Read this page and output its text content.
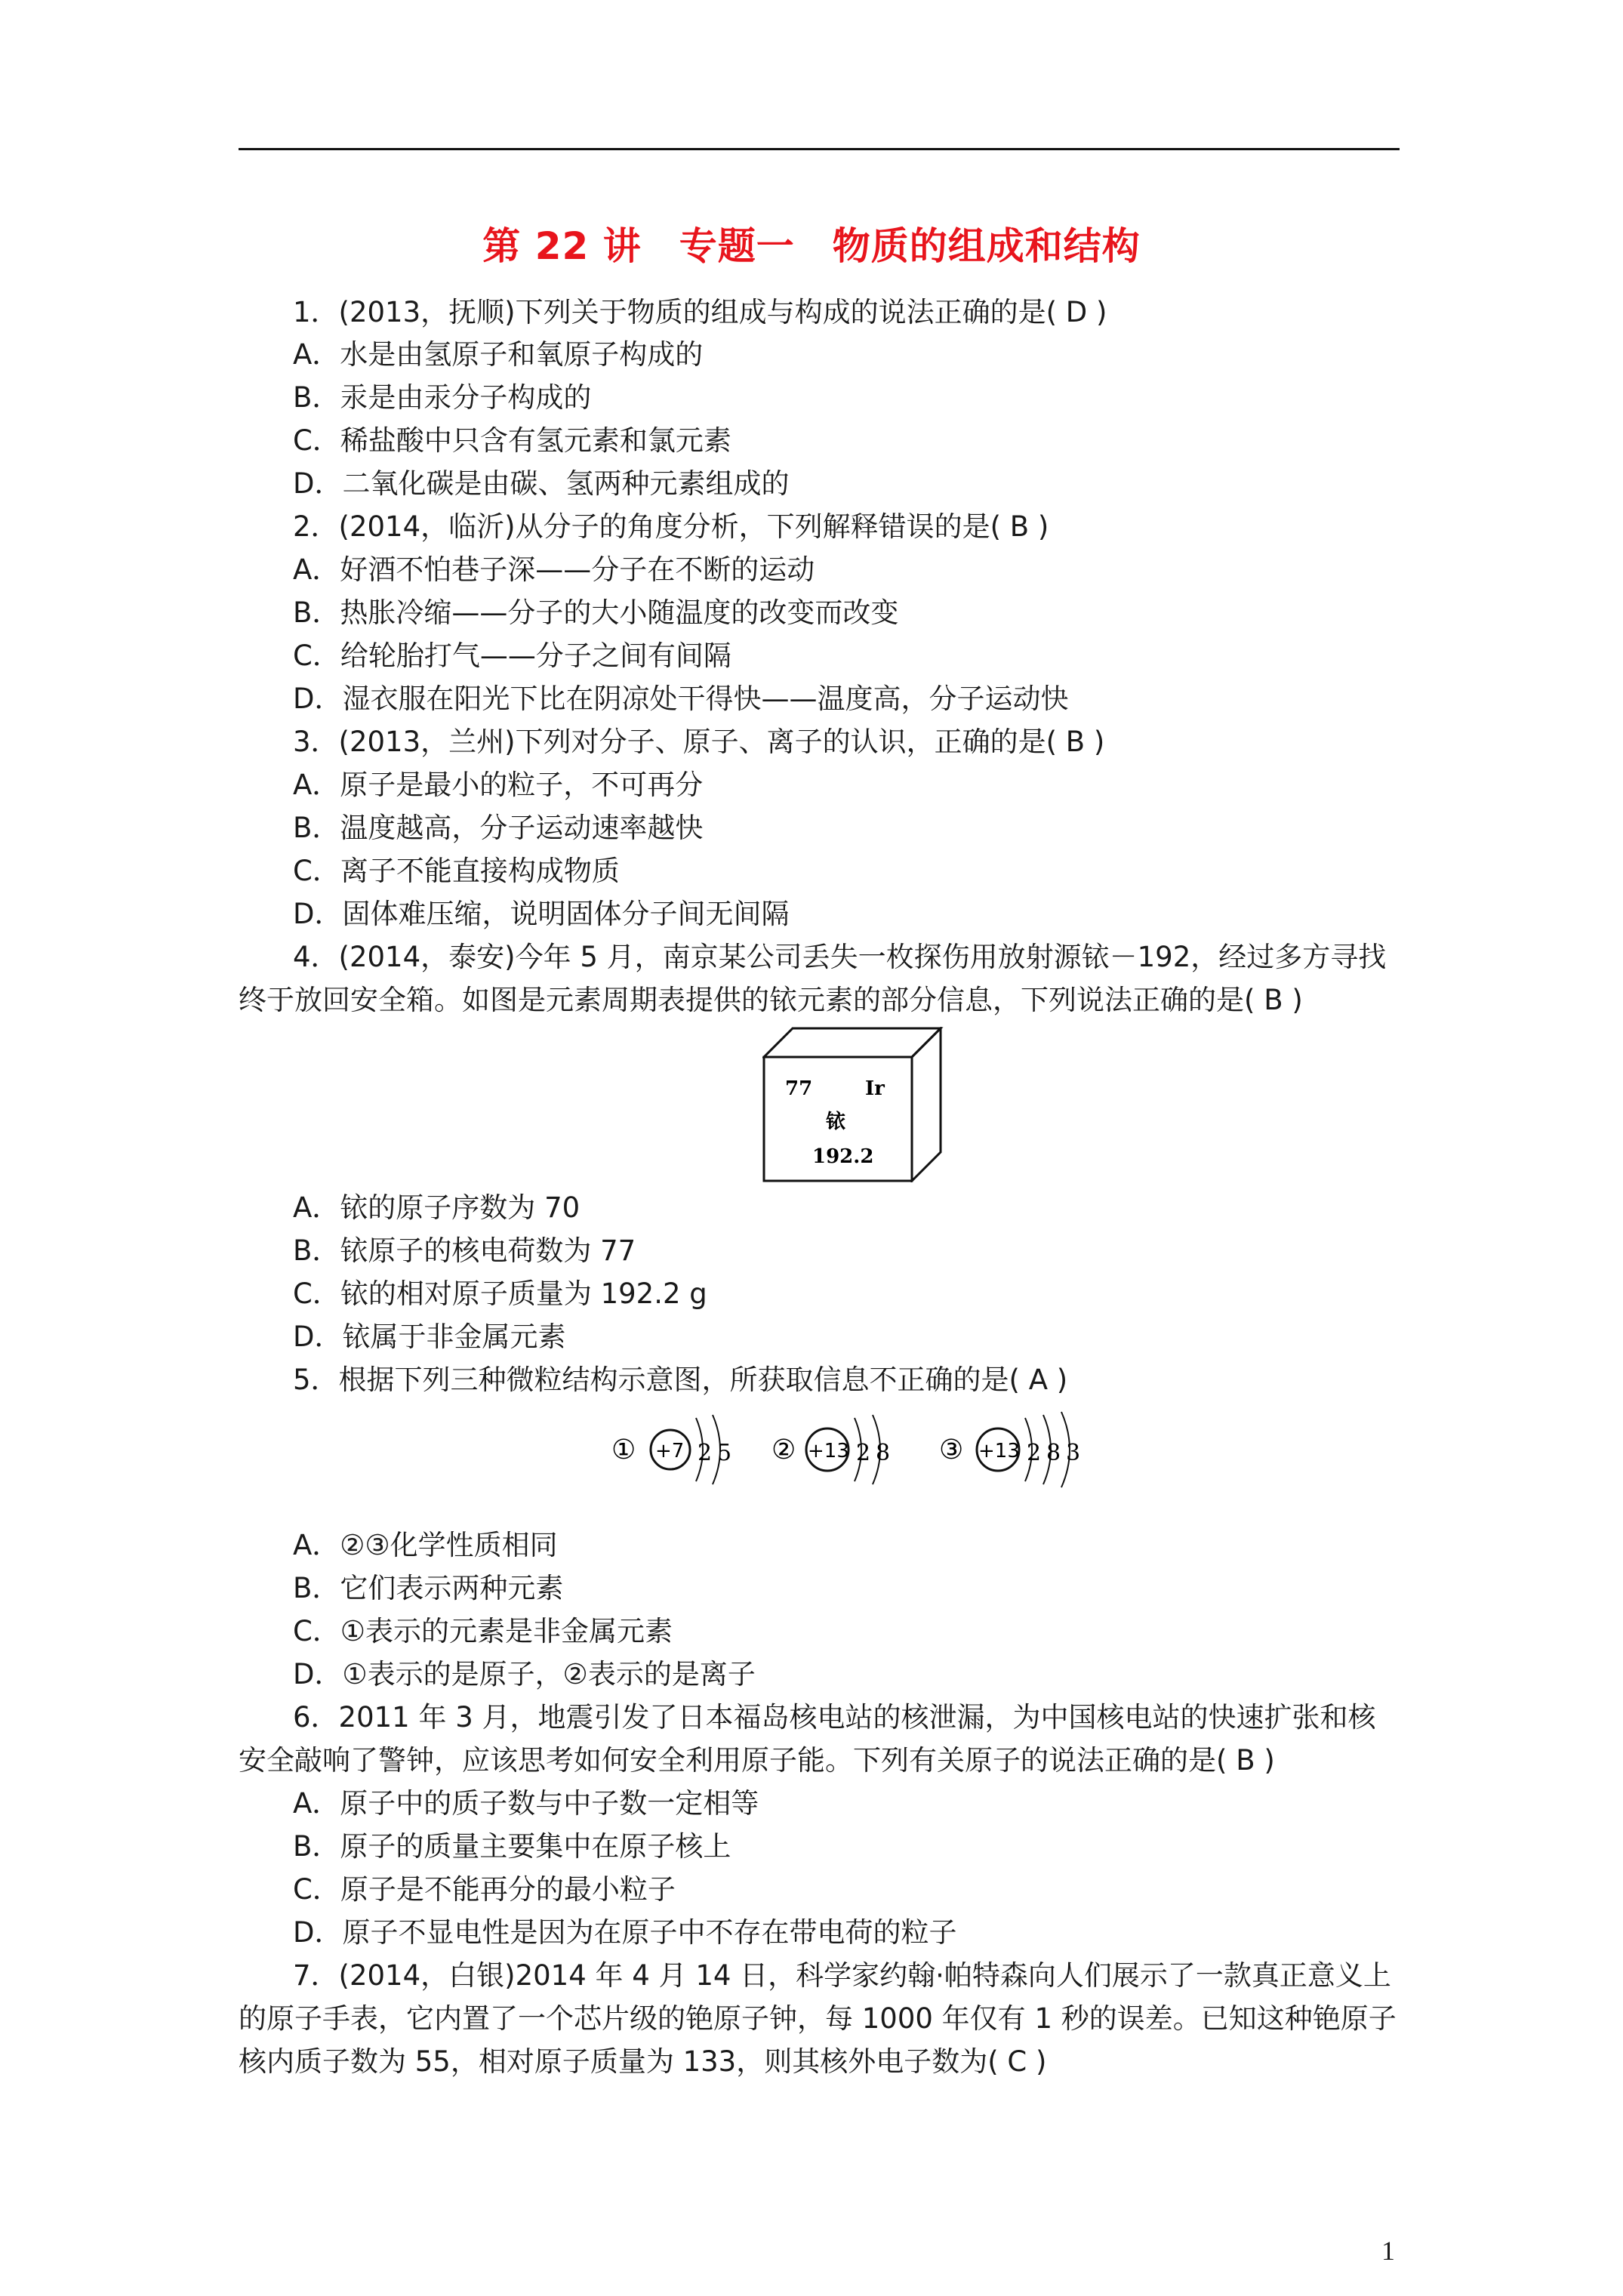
第 22 讲 专题一 物质的组成和结构
1．(2013，抚顺)下列关于物质的组成与构成的说法正确的是( D )
A．水是由氢原子和氧原子构成的
B．汞是由汞分子构成的
C．稀盐酸中只含有氢元素和氯元素
D．二氧化碳是由碳、氢两种元素组成的
2．(2014，临沂)从分子的角度分析，下列解释错误的是( B )
A．好酒不怕巷子深——分子在不断的运动
B．热胀冷缩——分子的大小随温度的改变而改变
C．给轮胎打气——分子之间有间隔
D．湿衣服在阳光下比在阴凉处干得快——温度高，分子运动快
3．(2013，兰州)下列对分子、原子、离子的认识，正确的是( B )
A．原子是最小的粒子，不可再分
B．温度越高，分子运动速率越快
C．离子不能直接构成物质
D．固体难压缩，说明固体分子间无间隔
4．(2014，泰安)今年 5 月，南京某公司丢失一枚探伤用放射源铱－192，经过多方寻找
终于放回安全箱。如图是元素周期表提供的铱元素的部分信息，下列说法正确的是( B )
A．铱的原子序数为 70
B．铱原子的核电荷数为 77
C．铱的相对原子质量为 192.2 g
D．铱属于非金属元素
5．根据下列三种微粒结构示意图，所获取信息不正确的是( A )
A．②③化学性质相同
B．它们表示两种元素
C．①表示的元素是非金属元素
D．①表示的是原子，②表示的是离子
6．2011 年 3 月，地震引发了日本福岛核电站的核泄漏，为中国核电站的快速扩张和核
安全敲响了警钟，应该思考如何安全利用原子能。下列有关原子的说法正确的是( B )
A．原子中的质子数与中子数一定相等
B．原子的质量主要集中在原子核上
C．原子是不能再分的最小粒子
D．原子不显电性是因为在原子中不存在带电荷的粒子
7．(2014，白银)2014 年 4 月 14 日，科学家约翰·帕特森向人们展示了一款真正意义上
的原子手表，它内置了一个芯片级的铯原子钟，每 1000 年仅有 1 秒的误差。已知这种铯原子
核内质子数为 55，相对原子质量为 133，则其核外电子数为( C )
77	Ir
铱
192.2
① +7 2 5 ② +13 2 8 ③ +13 2 8 3
1
